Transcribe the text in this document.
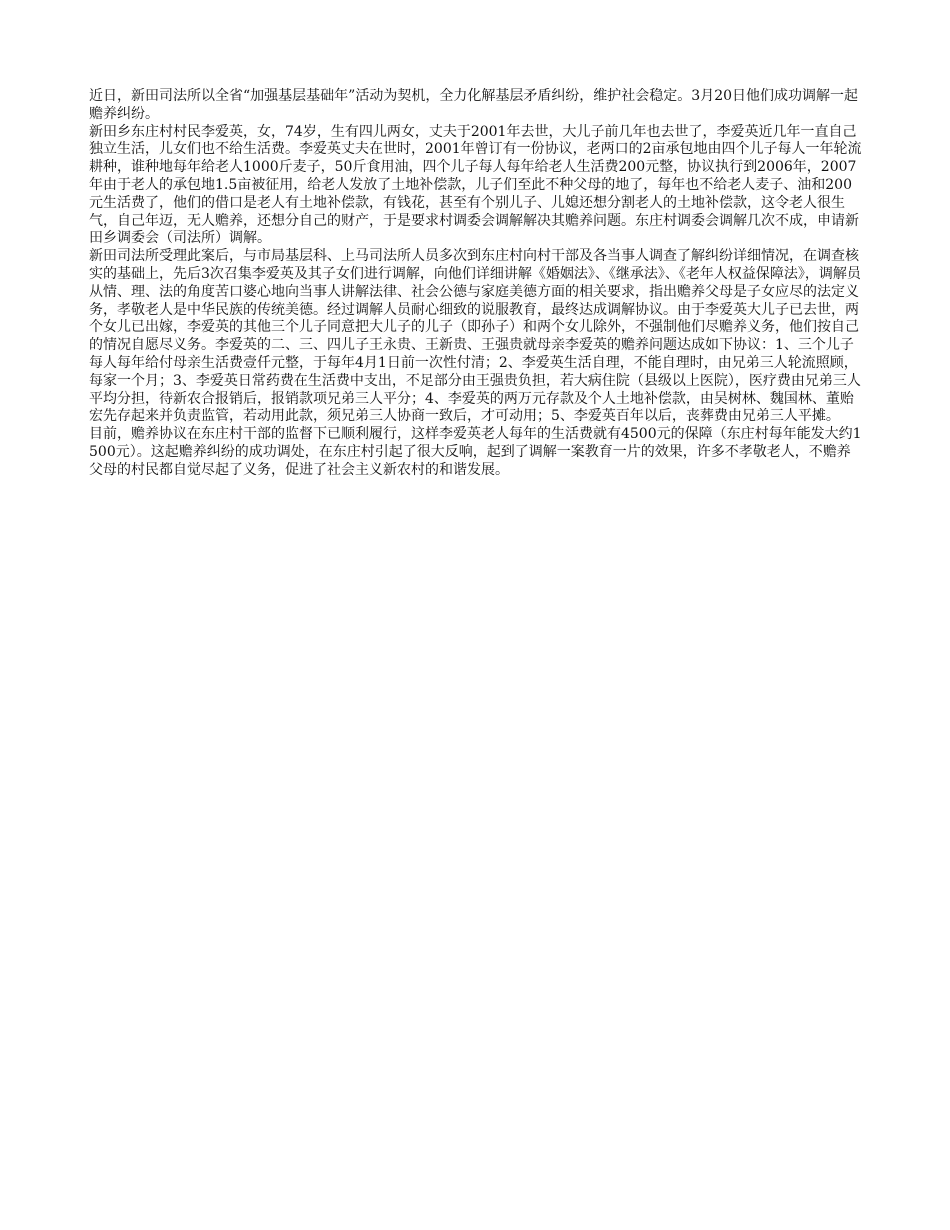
近日，新田司法所以全省“加强基层基础年”活动为契机，全力化解基层矛盾纠纷，维护社会稳定。3月20日他们成功调解一起赡养纠纷。

新田乡东庄村村民李爱英，女，74岁，生有四儿两女，丈夫于2001年去世，大儿子前几年也去世了，李爱英近几年一直自己独立生活，儿女们也不给生活费。李爱英丈夫在世时，2001年曾订有一份协议，老两口的2亩承包地由四个儿子每人一年轮流耕种，谁种地每年给老人1000斤麦子，50斤食用油，四个儿子每人每年给老人生活费200元整，协议执行到2006年，2007年由于老人的承包地1.5亩被征用，给老人发放了土地补偿款，儿子们至此不种父母的地了，每年也不给老人麦子、油和200元生活费了，他们的借口是老人有土地补偿款，有钱花，甚至有个别儿子、儿媳还想分割老人的土地补偿款，这令老人很生气，自己年迈，无人赡养，还想分自己的财产，于是要求村调委会调解解决其赡养问题。东庄村调委会调解几次不成，申请新田乡调委会（司法所）调解。

新田司法所受理此案后，与市局基层科、上马司法所人员多次到东庄村向村干部及各当事人调查了解纠纷详细情况，在调查核实的基础上，先后3次召集李爱英及其子女们进行调解，向他们详细讲解《婚姻法》、《继承法》、《老年人权益保障法》，调解员从情、理、法的角度苦口婆心地向当事人讲解法律、社会公德与家庭美德方面的相关要求，指出赡养父母是子女应尽的法定义务，孝敬老人是中华民族的传统美德。经过调解人员耐心细致的说服教育，最终达成调解协议。由于李爱英大儿子已去世，两个女儿已出嫁，李爱英的其他三个儿子同意把大儿子的儿子（即孙子）和两个女儿除外，不强制他们尽赡养义务，他们按自己的情况自愿尽义务。李爱英的二、三、四儿子王永贵、王新贵、王强贵就母亲李爱英的赡养问题达成如下协议：1、三个儿子每人每年给付母亲生活费壹仟元整，于每年4月1日前一次性付清；2、李爱英生活自理，不能自理时，由兄弟三人轮流照顾，每家一个月；3、李爱英日常药费在生活费中支出，不足部分由王强贵负担，若大病住院（县级以上医院），医疗费由兄弟三人平均分担，待新农合报销后，报销款项兄弟三人平分；4、李爱英的两万元存款及个人土地补偿款，由吴树林、魏国林、董贻宏先存起来并负责监管，若动用此款，须兄弟三人协商一致后，才可动用；5、李爱英百年以后，丧葬费由兄弟三人平摊。

目前，赡养协议在东庄村干部的监督下已顺利履行，这样李爱英老人每年的生活费就有4500元的保障（东庄村每年能发大约1500元）。这起赡养纠纷的成功调处，在东庄村引起了很大反响，起到了调解一案教育一片的效果，许多不孝敬老人，不赡养父母的村民都自觉尽起了义务，促进了社会主义新农村的和谐发展。
